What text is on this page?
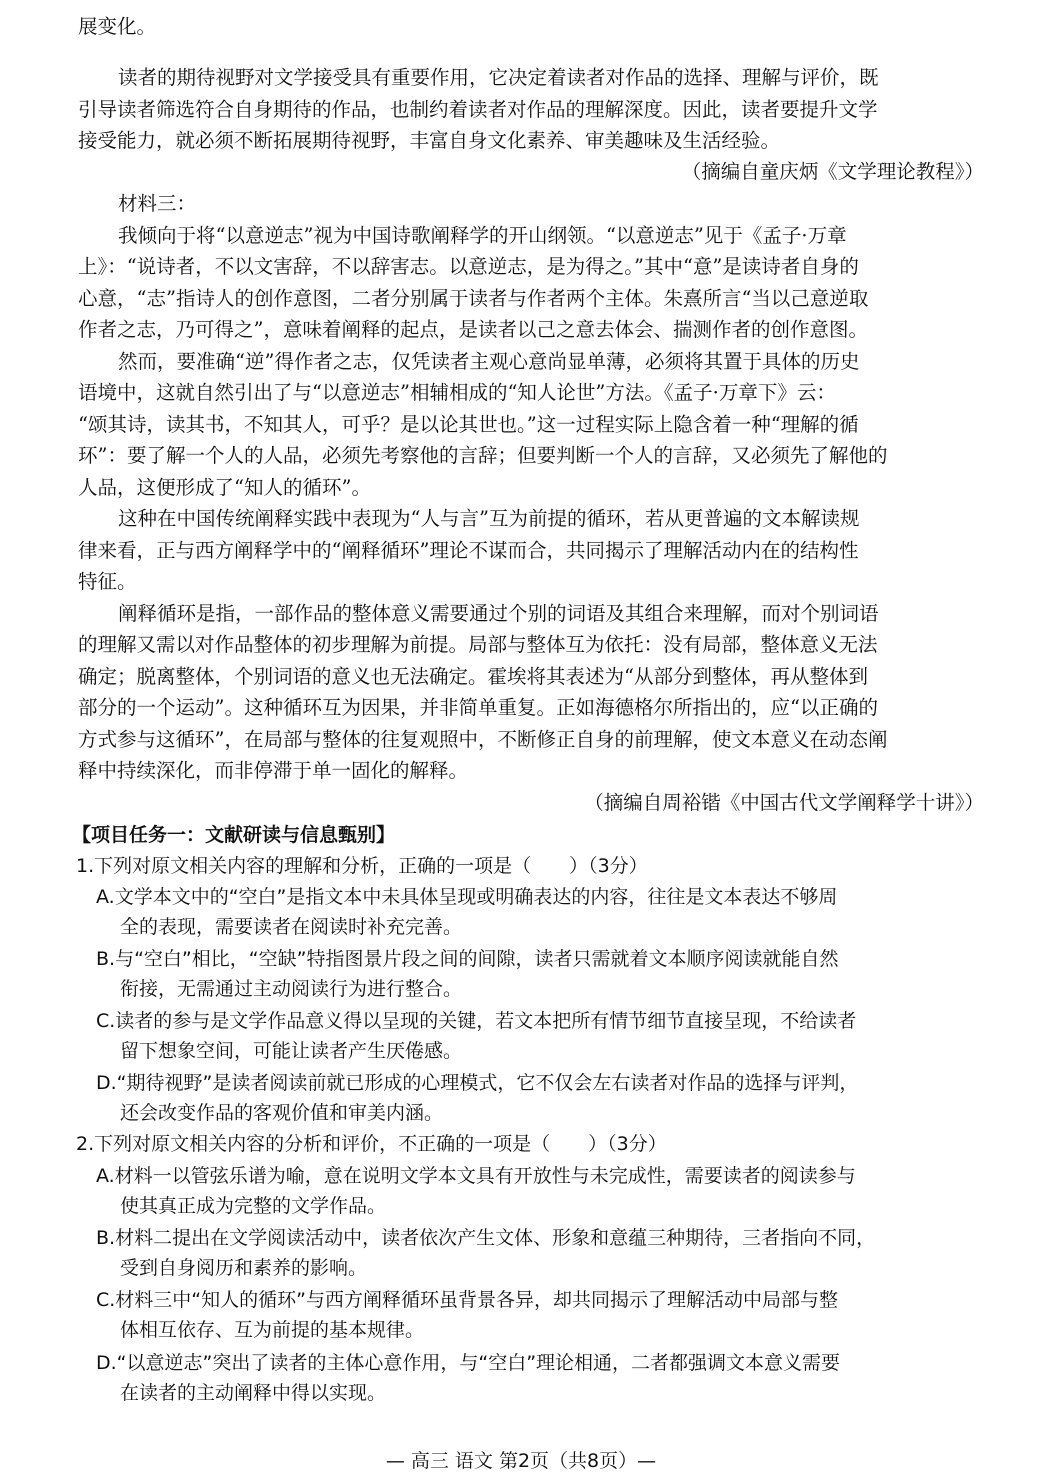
展变化。
读者的期待视野对文学接受具有重要作用，它决定着读者对作品的选择、理解与评价，既
引导读者筛选符合自身期待的作品，也制约着读者对作品的理解深度。因此，读者要提升文学
接受能力，就必须不断拓展期待视野，丰富自身文化素养、审美趣味及生活经验。
（摘编自童庆炳《文学理论教程》）
材料三：
我倾向于将“以意逆志”视为中国诗歌阐释学的开山纲领。“以意逆志”见于《孟子·万章
上》：“说诗者，不以文害辞，不以辞害志。以意逆志，是为得之。”其中“意”是读诗者自身的
心意，“志”指诗人的创作意图，二者分别属于读者与作者两个主体。朱熹所言“当以己意逆取
作者之志，乃可得之”，意味着阐释的起点，是读者以己之意去体会、揣测作者的创作意图。
然而，要准确“逆”得作者之志，仅凭读者主观心意尚显单薄，必须将其置于具体的历史
语境中，这就自然引出了与“以意逆志”相辅相成的“知人论世”方法。《孟子·万章下》云：
“颂其诗，读其书，不知其人，可乎？是以论其世也。”这一过程实际上隐含着一种“理解的循
环”：要了解一个人的人品，必须先考察他的言辞；但要判断一个人的言辞，又必须先了解他的
人品，这便形成了“知人的循环”。
这种在中国传统阐释实践中表现为“人与言”互为前提的循环，若从更普遍的文本解读规
律来看，正与西方阐释学中的“阐释循环”理论不谋而合，共同揭示了理解活动内在的结构性
特征。
阐释循环是指，一部作品的整体意义需要通过个别的词语及其组合来理解，而对个别词语
的理解又需以对作品整体的初步理解为前提。局部与整体互为依托：没有局部，整体意义无法
确定；脱离整体，个别词语的意义也无法确定。霍埃将其表述为“从部分到整体，再从整体到
部分的一个运动”。这种循环互为因果，并非简单重复。正如海德格尔所指出的，应“以正确的
方式参与这循环”，在局部与整体的往复观照中，不断修正自身的前理解，使文本意义在动态阐
释中持续深化，而非停滞于单一固化的解释。
（摘编自周裕锴《中国古代文学阐释学十讲》）
【项目任务一：文献研读与信息甄别】
1.下列对原文相关内容的理解和分析，正确的一项是（　　）（3分）
A.文学本文中的“空白”是指文本中未具体呈现或明确表达的内容，往往是文本表达不够周
全的表现，需要读者在阅读时补充完善。
B.与“空白”相比，“空缺”特指图景片段之间的间隙，读者只需就着文本顺序阅读就能自然
衔接，无需通过主动阅读行为进行整合。
C.读者的参与是文学作品意义得以呈现的关键，若文本把所有情节细节直接呈现，不给读者
留下想象空间，可能让读者产生厌倦感。
D.“期待视野”是读者阅读前就已形成的心理模式，它不仅会左右读者对作品的选择与评判，
还会改变作品的客观价值和审美内涵。
2.下列对原文相关内容的分析和评价，不正确的一项是（　　）（3分）
A.材料一以管弦乐谱为喻，意在说明文学本文具有开放性与未完成性，需要读者的阅读参与
使其真正成为完整的文学作品。
B.材料二提出在文学阅读活动中，读者依次产生文体、形象和意蕴三种期待，三者指向不同，
受到自身阅历和素养的影响。
C.材料三中“知人的循环”与西方阐释循环虽背景各异，却共同揭示了理解活动中局部与整
体相互依存、互为前提的基本规律。
D.“以意逆志”突出了读者的主体心意作用，与“空白”理论相通，二者都强调文本意义需要
在读者的主动阐释中得以实现。
— 高三 语文 第2页（共8页）—
